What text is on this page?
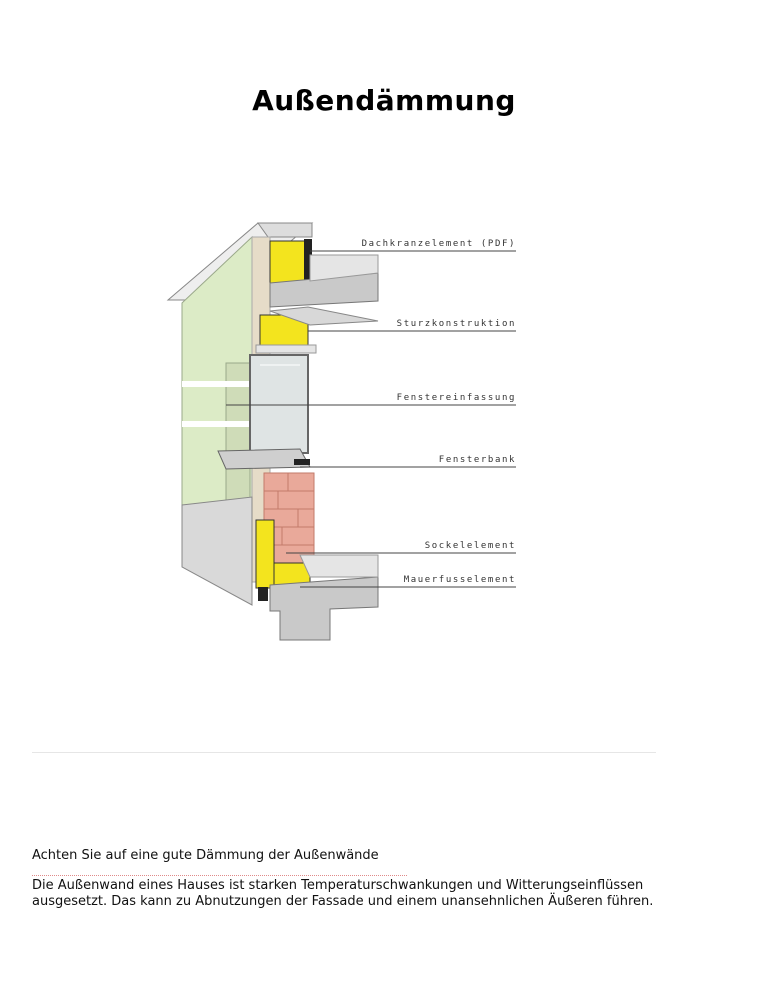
Außendämmung
Dachkranzelement (PDF)
Sturzkonstruktion
Fenstereinfassung
Fensterbank
Sockelelement
Mauerfusselement
Achten Sie auf eine gute Dämmung der Außenwände

Die Außenwand eines Hauses ist starken Temperaturschwankungen und Witterungseinflüssen ausgesetzt. Das kann zu Abnutzungen der Fassade und einem unansehnlichen Äußeren führen.
